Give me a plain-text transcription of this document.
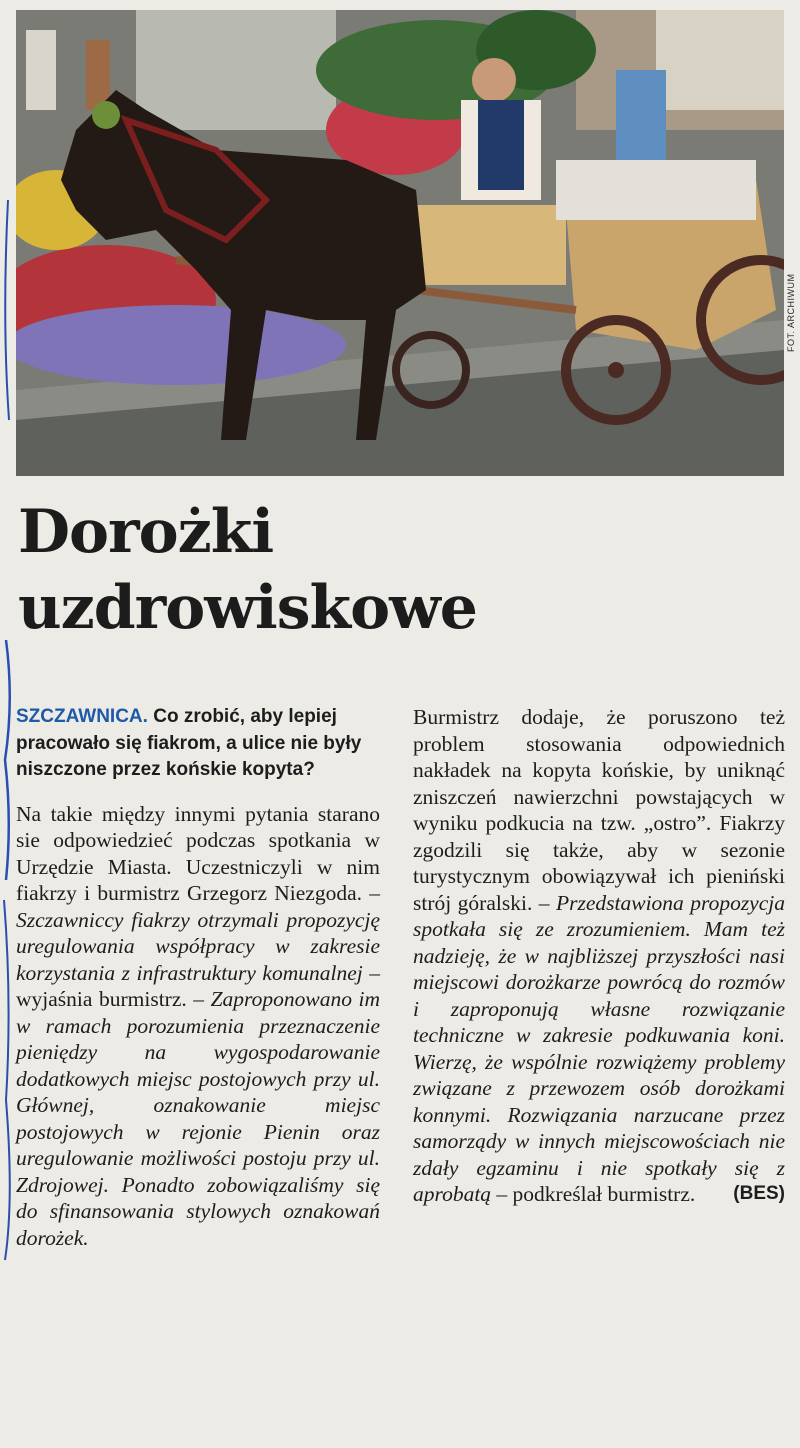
FOT. ARCHIWUM
Dorożki
uzdrowiskowe

SZCZAWNICA. Co zrobić, aby lepiej pracowało się fiakrom, a ulice nie były niszczone przez końskie kopyta?

Na takie między innymi pytania starano sie odpowiedzieć podczas spotkania w Urzędzie Miasta. Uczestniczyli w nim fiakrzy i burmistrz Grzegorz Niezgoda. – Szczawniccy fiakrzy otrzymali propozycję uregulowania współpracy w zakresie korzystania z infrastruktury komunalnej – wyjaśnia burmistrz. – Zaproponowano im w ramach porozumienia przeznaczenie pieniędzy na wygospodarowanie dodatkowych miejsc postojowych przy ul. Głównej, oznakowanie miejsc postojowych w rejonie Pienin oraz uregulowanie możliwości postoju przy ul. Zdrojowej. Ponadto zobowiązaliśmy się do sfinansowania stylowych oznakowań dorożek.

Burmistrz dodaje, że poruszono też problem stosowania odpowiednich nakładek na kopyta końskie, by uniknąć zniszczeń nawierzchni powstających w wyniku podkucia na tzw. „ostro”. Fiakrzy zgodzili się także, aby w sezonie turystycznym obowiązywał ich pieniński strój góralski. – Przedstawiona propozycja spotkała się ze zrozumieniem. Mam też nadzieję, że w najbliższej przyszłości nasi miejscowi dorożkarze powrócą do rozmów i zaproponują własne rozwiązanie techniczne w zakresie podkuwania koni. Wierzę, że wspólnie rozwiążemy problemy związane z przewozem osób dorożkami konnymi. Rozwiązania narzucane przez samorządy w innych miejscowościach nie zdały egzaminu i nie spotkały się z aprobatą – podkreślał burmistrz. (BES)
